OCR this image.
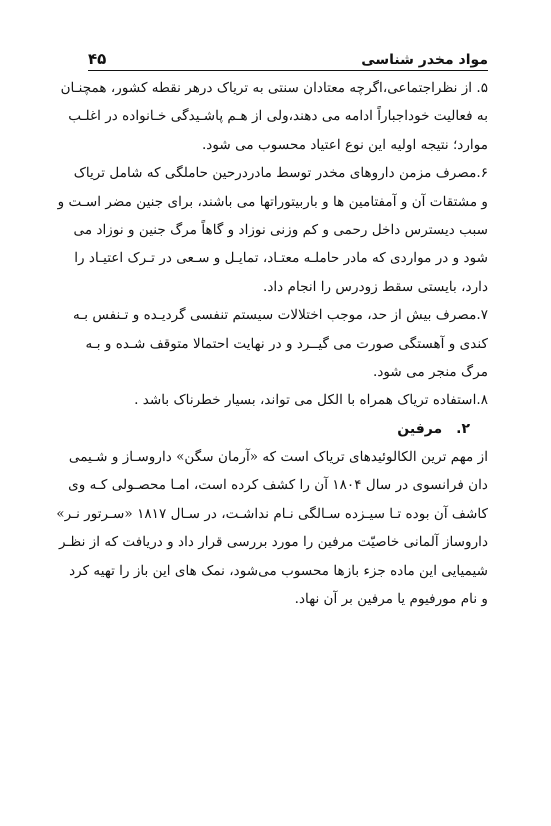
مواد مخدر شناسی
۴۵
۵. از نظراجتماعی،اگرچه معتادان سنتی به تریاک درهر نقطه کشور، همچنـان
به فعالیت خوداجباراً ادامه می دهند،ولی از هـم پاشـیدگی خـانواده در اغلـب
موارد؛ نتیجه اولیه این نوع اعتیاد محسوب می شود.
۶.مصرف مزمن داروهای مخدر توسط مادردرحین حاملگی که شامل تریاک
و مشتقات آن و آمفتامین ها و باربیتوراتها می باشند، برای جنین مضر اسـت و
سبب دیسترس داخل رحمی و کم وزنی نوزاد و گاهاً مرگ جنین و نوزاد می
شود و در مواردی که مادر حاملـه معتـاد، تمایـل و سـعی در تـرک اعتیـاد را
دارد، بایستی سقط زودرس را انجام داد.
۷.مصرف بیش از حد، موجب اختلالات سیستم تنفسی گردیـده و تـنفس بـه
کندی و آهستگی صورت می گیــرد و در نهایت احتمالا متوقف شـده و بـه
مرگ منجر می شود.
۸.استفاده تریاک همراه با الکل می تواند، بسیار خطرناک باشد .
۲.مرفین
از مهم ترین الکالوئیدهای تریاک است که «آرمان سگن» داروسـاز و شـیمی
دان فرانسوی در سال ۱۸۰۴ آن را کشف کرده است، امـا محصـولی کـه وی
کاشف آن بوده تـا سیـزده سـالگی نـام نداشـت، در سـال ۱۸۱۷ «سـرتور نـر»
داروساز آلمانی خاصیّت مرفین را مورد بررسی قرار داد و دریافت که از نظـر
شیمیایی این ماده جزء بازها محسوب می‌شود، نمک های این باز را تهیه کرد
و نام مورفیوم یا مرفین بر آن نهاد.
